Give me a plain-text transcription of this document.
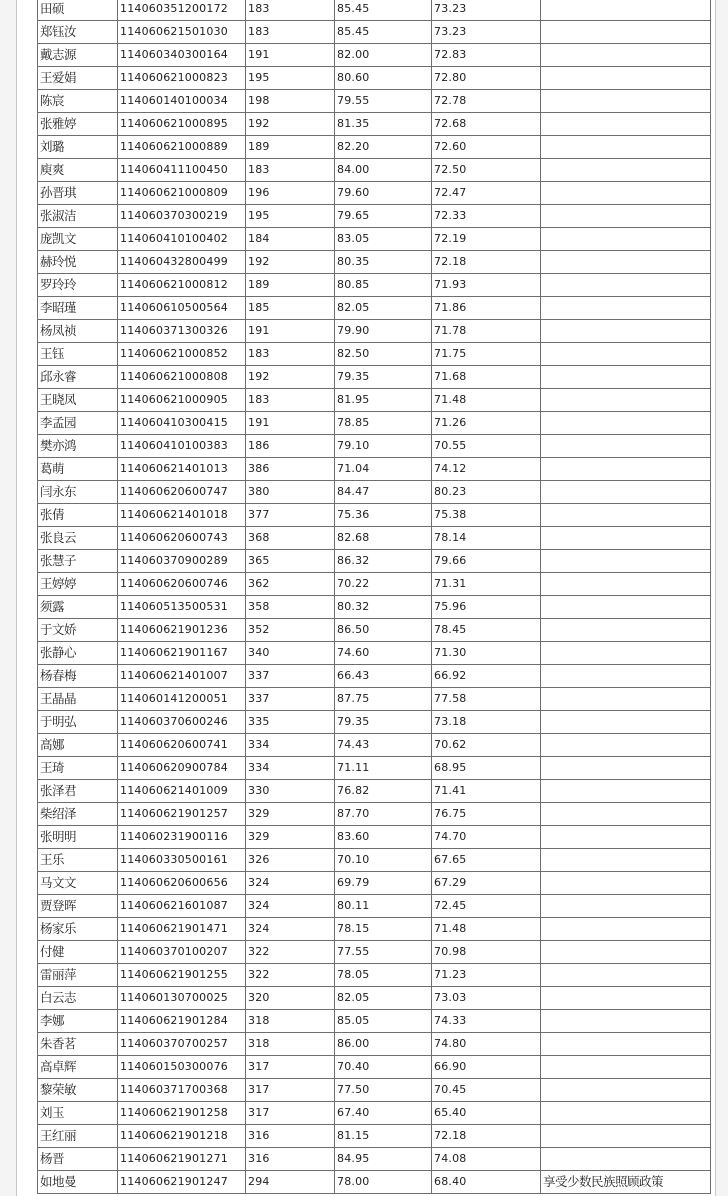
田硕	114060351200172	183	85.45	73.23	
郑钰汝	114060621501030	183	85.45	73.23	
戴志源	114060340300164	191	82.00	72.83	
王爱娟	114060621000823	195	80.60	72.80	
陈宸	114060140100034	198	79.55	72.78	
张雅婷	114060621000895	192	81.35	72.68	
刘璐	114060621000889	189	82.20	72.60	
庾爽	114060411100450	183	84.00	72.50	
孙晋琪	114060621000809	196	79.60	72.47	
张淑洁	114060370300219	195	79.65	72.33	
庞凯文	114060410100402	184	83.05	72.19	
赫玲悦	114060432800499	192	80.35	72.18	
罗玲玲	114060621000812	189	80.85	71.93	
李昭瑾	114060610500564	185	82.05	71.86	
杨凤祯	114060371300326	191	79.90	71.78	
王钰	114060621000852	183	82.50	71.75	
邱永睿	114060621000808	192	79.35	71.68	
王晓凤	114060621000905	183	81.95	71.48	
李孟园	114060410300415	191	78.85	71.26	
樊亦鸿	114060410100383	186	79.10	70.55	
葛萌	114060621401013	386	71.04	74.12	
闫永东	114060620600747	380	84.47	80.23	
张倩	114060621401018	377	75.36	75.38	
张良云	114060620600743	368	82.68	78.14	
张慧子	114060370900289	365	86.32	79.66	
王婷婷	114060620600746	362	70.22	71.31	
须露	114060513500531	358	80.32	75.96	
于文娇	114060621901236	352	86.50	78.45	
张静心	114060621901167	340	74.60	71.30	
杨春梅	114060621401007	337	66.43	66.92	
王晶晶	114060141200051	337	87.75	77.58	
于明弘	114060370600246	335	79.35	73.18	
高娜	114060620600741	334	74.43	70.62	
王琦	114060620900784	334	71.11	68.95	
张泽君	114060621401009	330	76.82	71.41	
柴绍泽	114060621901257	329	87.70	76.75	
张明明	114060231900116	329	83.60	74.70	
王乐	114060330500161	326	70.10	67.65	
马文文	114060620600656	324	69.79	67.29	
贾登晖	114060621601087	324	80.11	72.45	
杨家乐	114060621901471	324	78.15	71.48	
付健	114060370100207	322	77.55	70.98	
雷丽萍	114060621901255	322	78.05	71.23	
白云志	114060130700025	320	82.05	73.03	
李娜	114060621901284	318	85.05	74.33	
朱香茗	114060370700257	318	86.00	74.80	
高卓辉	114060150300076	317	70.40	66.90	
黎荣敏	114060371700368	317	77.50	70.45	
刘玉	114060621901258	317	67.40	65.40	
王红丽	114060621901218	316	81.15	72.18	
杨晋	114060621901271	316	84.95	74.08	
如地曼	114060621901247	294	78.00	68.40	享受少数民族照顾政策
